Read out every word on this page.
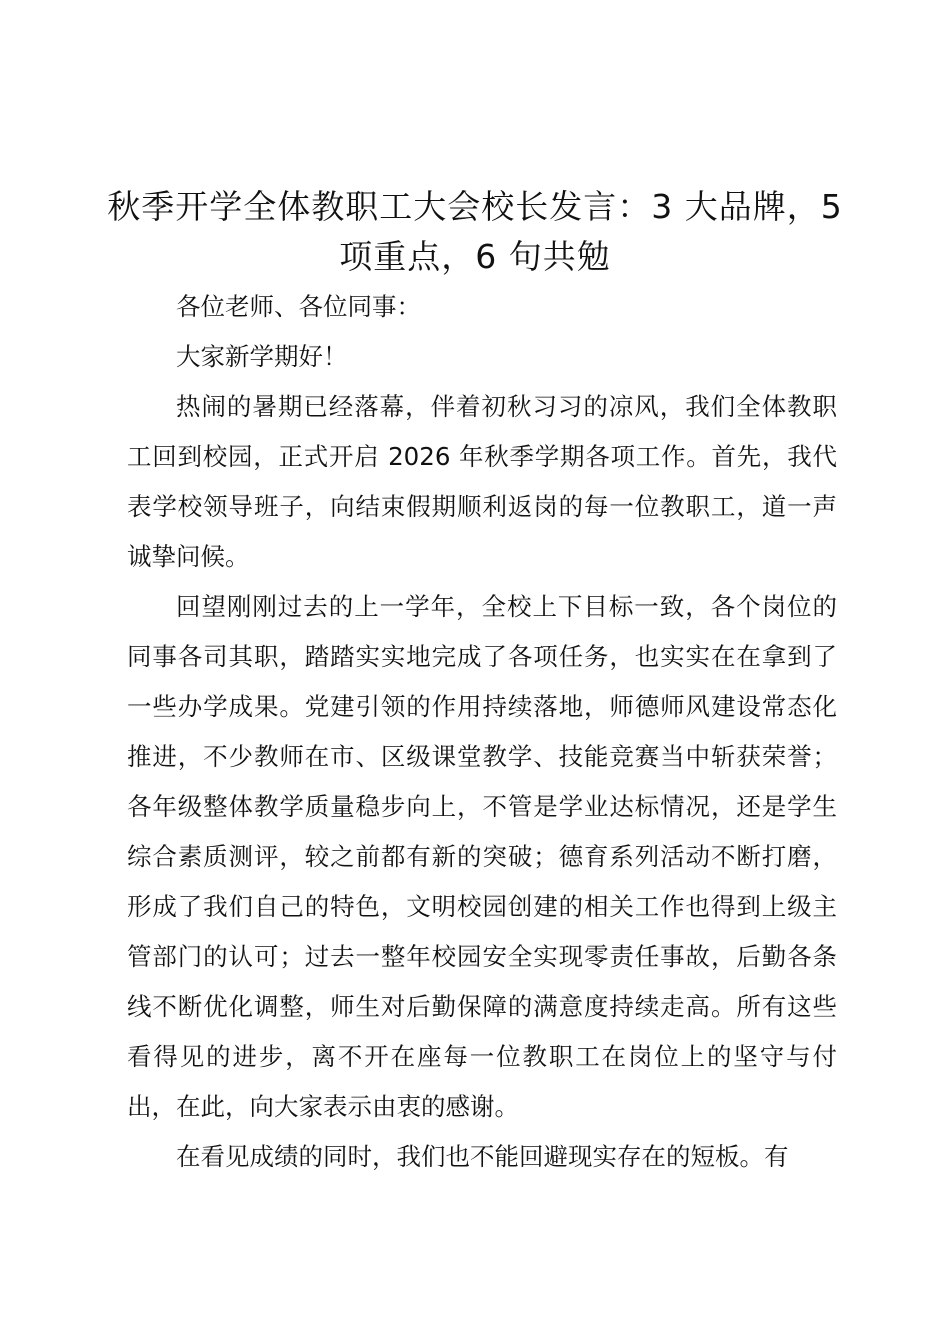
秋季开学全体教职工大会校长发言：3 大品牌，5 项重点，6 句共勉

各位老师、各位同事：

大家新学期好！

热闹的暑期已经落幕，伴着初秋习习的凉风，我们全体教职工回到校园，正式开启 2026 年秋季学期各项工作。首先，我代表学校领导班子，向结束假期顺利返岗的每一位教职工，道一声诚挚问候。

回望刚刚过去的上一学年，全校上下目标一致，各个岗位的同事各司其职，踏踏实实地完成了各项任务，也实实在在拿到了一些办学成果。党建引领的作用持续落地，师德师风建设常态化推进，不少教师在市、区级课堂教学、技能竞赛当中斩获荣誉；各年级整体教学质量稳步向上，不管是学业达标情况，还是学生综合素质测评，较之前都有新的突破；德育系列活动不断打磨，形成了我们自己的特色，文明校园创建的相关工作也得到上级主管部门的认可；过去一整年校园安全实现零责任事故，后勤各条线不断优化调整，师生对后勤保障的满意度持续走高。所有这些看得见的进步，离不开在座每一位教职工在岗位上的坚守与付出，在此，向大家表示由衷的感谢。

在看见成绩的同时，我们也不能回避现实存在的短板。有
